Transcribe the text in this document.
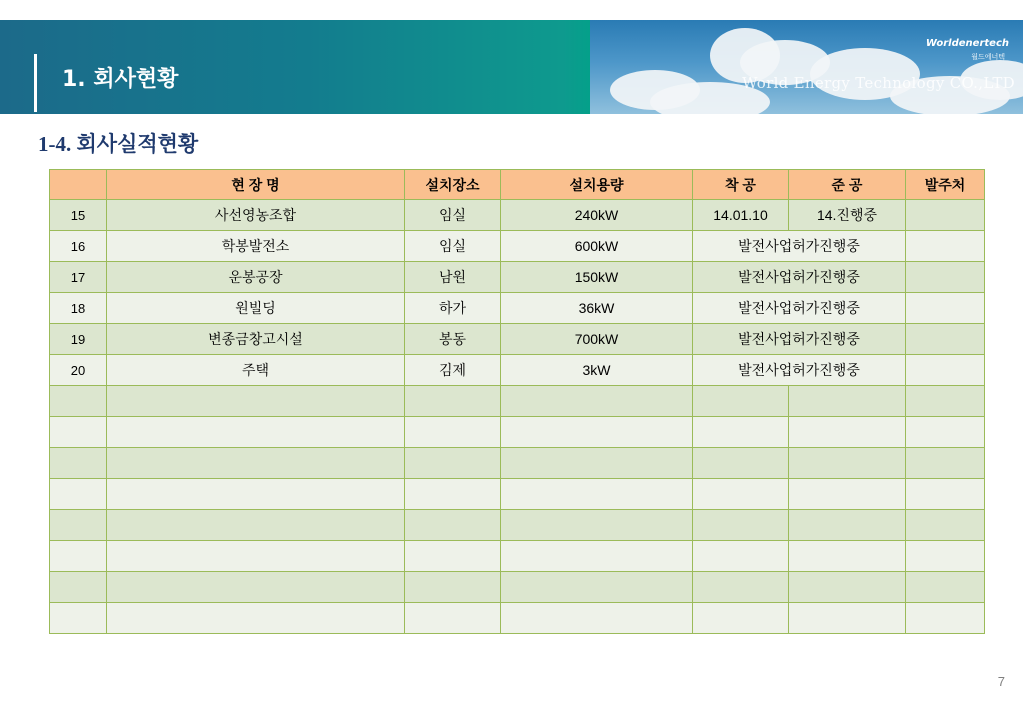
1. 회사현황
Worldenertech
월드에너텍
World Energy Technology CO.,LTD
1-4. 회사실적현황
	현 장 명	설치장소	설치용량	착 공	준 공	발주처
15	사선영농조합	임실	240kW	14.01.10	14.진행중	
16	학봉발전소	임실	600kW	발전사업허가진행중		
17	운봉공장	남원	150kW	발전사업허가진행중		
18	원빌딩	하가	36kW	발전사업허가진행중		
19	변종금창고시설	봉동	700kW	발전사업허가진행중		
20	주택	김제	3kW	발전사업허가진행중		

7
